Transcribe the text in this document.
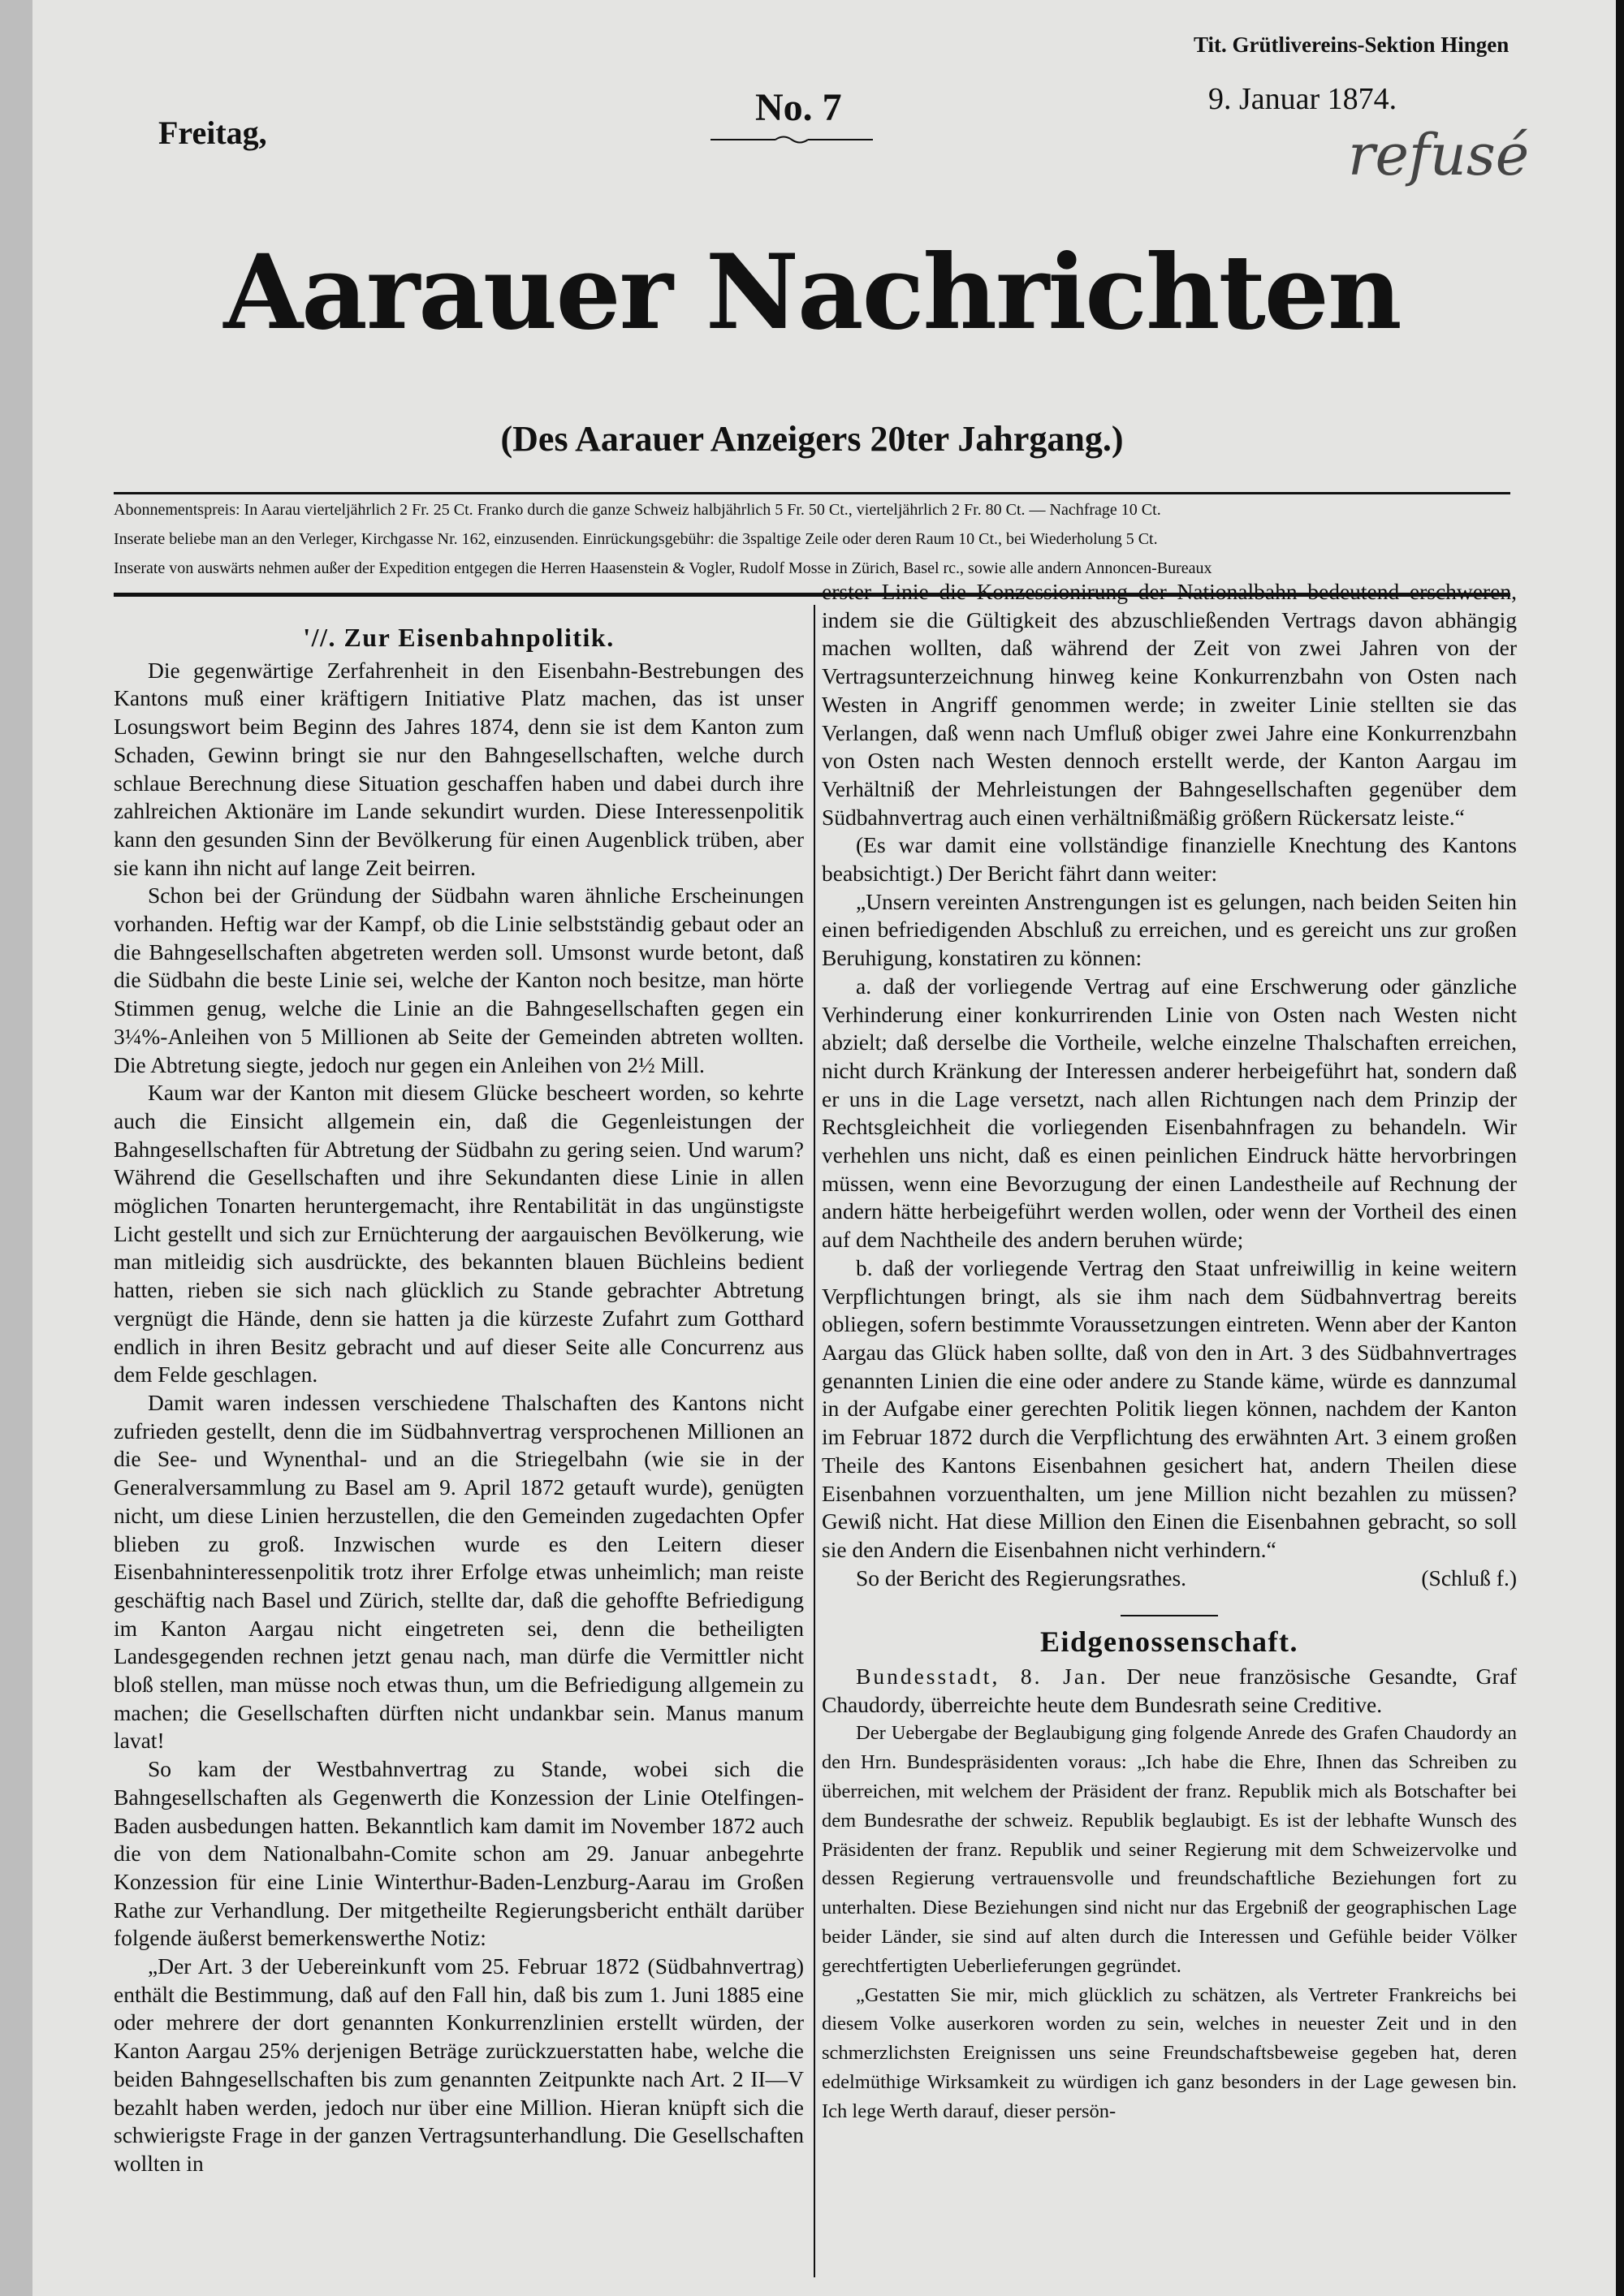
Freitag,
No. 7
Tit. Grütlivereins-Sektion Hingen
9. Januar 1874.
refusé
Aarauer Nachrichten
(Des Aarauer Anzeigers 20ter Jahrgang.)
Abonnementspreis: In Aarau vierteljährlich 2 Fr. 25 Ct. Franko durch die ganze Schweiz halbjährlich 5 Fr. 50 Ct., vierteljährlich 2 Fr. 80 Ct. — Nachfrage 10 Ct.
Inserate beliebe man an den Verleger, Kirchgasse Nr. 162, einzusenden. Einrückungsgebühr: die 3spaltige Zeile oder deren Raum 10 Ct., bei Wiederholung 5 Ct.
Inserate von auswärts nehmen außer der Expedition entgegen die Herren Haasenstein & Vogler, Rudolf Mosse in Zürich, Basel rc., sowie alle andern Annoncen-Bureaux
'//. Zur Eisenbahnpolitik.

Die gegenwärtige Zerfahrenheit in den Eisenbahn-Bestrebungen des Kantons muß einer kräftigern Initiative Platz machen, das ist unser Losungswort beim Beginn des Jahres 1874, denn sie ist dem Kanton zum Schaden, Gewinn bringt sie nur den Bahngesellschaften, welche durch schlaue Berechnung diese Situation geschaffen haben und dabei durch ihre zahlreichen Aktionäre im Lande sekundirt wurden. Diese Interessenpolitik kann den gesunden Sinn der Bevölkerung für einen Augenblick trüben, aber sie kann ihn nicht auf lange Zeit beirren.

Schon bei der Gründung der Südbahn waren ähnliche Erscheinungen vorhanden. Heftig war der Kampf, ob die Linie selbstständig gebaut oder an die Bahngesellschaften abgetreten werden soll. Umsonst wurde betont, daß die Südbahn die beste Linie sei, welche der Kanton noch besitze, man hörte Stimmen genug, welche die Linie an die Bahngesellschaften gegen ein 3¼%-Anleihen von 5 Millionen ab Seite der Gemeinden abtreten wollten. Die Abtretung siegte, jedoch nur gegen ein Anleihen von 2½ Mill.

Kaum war der Kanton mit diesem Glücke bescheert worden, so kehrte auch die Einsicht allgemein ein, daß die Gegenleistungen der Bahngesellschaften für Abtretung der Südbahn zu gering seien. Und warum? Während die Gesellschaften und ihre Sekundanten diese Linie in allen möglichen Tonarten heruntergemacht, ihre Rentabilität in das ungünstigste Licht gestellt und sich zur Ernüchterung der aargauischen Bevölkerung, wie man mitleidig sich ausdrückte, des bekannten blauen Büchleins bedient hatten, rieben sie sich nach glücklich zu Stande gebrachter Abtretung vergnügt die Hände, denn sie hatten ja die kürzeste Zufahrt zum Gotthard endlich in ihren Besitz gebracht und auf dieser Seite alle Concurrenz aus dem Felde geschlagen.

Damit waren indessen verschiedene Thalschaften des Kantons nicht zufrieden gestellt, denn die im Südbahnvertrag versprochenen Millionen an die See- und Wynenthal- und an die Striegelbahn (wie sie in der Generalversammlung zu Basel am 9. April 1872 getauft wurde), genügten nicht, um diese Linien herzustellen, die den Gemeinden zugedachten Opfer blieben zu groß. Inzwischen wurde es den Leitern dieser Eisenbahninteressenpolitik trotz ihrer Erfolge etwas unheimlich; man reiste geschäftig nach Basel und Zürich, stellte dar, daß die gehoffte Befriedigung im Kanton Aargau nicht eingetreten sei, denn die betheiligten Landesgegenden rechnen jetzt genau nach, man dürfe die Vermittler nicht bloß stellen, man müsse noch etwas thun, um die Befriedigung allgemein zu machen; die Gesellschaften dürften nicht undankbar sein. Manus manum lavat!

So kam der Westbahnvertrag zu Stande, wobei sich die Bahngesellschaften als Gegenwerth die Konzession der Linie Otelfingen-Baden ausbedungen hatten. Bekanntlich kam damit im November 1872 auch die von dem Nationalbahn-Comite schon am 29. Januar anbegehrte Konzession für eine Linie Winterthur-Baden-Lenzburg-Aarau im Großen Rathe zur Verhandlung. Der mitgetheilte Regierungsbericht enthält darüber folgende äußerst bemerkenswerthe Notiz:

„Der Art. 3 der Uebereinkunft vom 25. Februar 1872 (Südbahnvertrag) enthält die Bestimmung, daß auf den Fall hin, daß bis zum 1. Juni 1885 eine oder mehrere der dort genannten Konkurrenzlinien erstellt würden, der Kanton Aargau 25% derjenigen Beträge zurückzuerstatten habe, welche die beiden Bahngesellschaften bis zum genannten Zeitpunkte nach Art. 2 II—V bezahlt haben werden, jedoch nur über eine Million. Hieran knüpft sich die schwierigste Frage in der ganzen Vertragsunterhandlung. Die Gesellschaften wollten in

erster Linie die Konzessionirung der Nationalbahn bedeutend erschweren, indem sie die Gültigkeit des abzuschließenden Vertrags davon abhängig machen wollten, daß während der Zeit von zwei Jahren von der Vertragsunterzeichnung hinweg keine Konkurrenzbahn von Osten nach Westen in Angriff genommen werde; in zweiter Linie stellten sie das Verlangen, daß wenn nach Umfluß obiger zwei Jahre eine Konkurrenzbahn von Osten nach Westen dennoch erstellt werde, der Kanton Aargau im Verhältniß der Mehrleistungen der Bahngesellschaften gegenüber dem Südbahnvertrag auch einen verhältnißmäßig größern Rückersatz leiste.“

(Es war damit eine vollständige finanzielle Knechtung des Kantons beabsichtigt.) Der Bericht fährt dann weiter:

„Unsern vereinten Anstrengungen ist es gelungen, nach beiden Seiten hin einen befriedigenden Abschluß zu erreichen, und es gereicht uns zur großen Beruhigung, konstatiren zu können:

a. daß der vorliegende Vertrag auf eine Erschwerung oder gänzliche Verhinderung einer konkurrirenden Linie von Osten nach Westen nicht abzielt; daß derselbe die Vortheile, welche einzelne Thalschaften erreichen, nicht durch Kränkung der Interessen anderer herbeigeführt hat, sondern daß er uns in die Lage versetzt, nach allen Richtungen nach dem Prinzip der Rechtsgleichheit die vorliegenden Eisenbahnfragen zu behandeln. Wir verhehlen uns nicht, daß es einen peinlichen Eindruck hätte hervorbringen müssen, wenn eine Bevorzugung der einen Landestheile auf Rechnung der andern hätte herbeigeführt werden wollen, oder wenn der Vortheil des einen auf dem Nachtheile des andern beruhen würde;

b. daß der vorliegende Vertrag den Staat unfreiwillig in keine weitern Verpflichtungen bringt, als sie ihm nach dem Südbahnvertrag bereits obliegen, sofern bestimmte Voraussetzungen eintreten. Wenn aber der Kanton Aargau das Glück haben sollte, daß von den in Art. 3 des Südbahnvertrages genannten Linien die eine oder andere zu Stande käme, würde es dannzumal in der Aufgabe einer gerechten Politik liegen können, nachdem der Kanton im Februar 1872 durch die Verpflichtung des erwähnten Art. 3 einem großen Theile des Kantons Eisenbahnen gesichert hat, andern Theilen diese Eisenbahnen vorzuenthalten, um jene Million nicht bezahlen zu müssen? Gewiß nicht. Hat diese Million den Einen die Eisenbahnen gebracht, so soll sie den Andern die Eisenbahnen nicht verhindern.“

So der Bericht des Regierungsrathes.	(Schluß f.)

Eidgenossenschaft.

Bundesstadt, 8. Jan. Der neue französische Gesandte, Graf Chaudordy, überreichte heute dem Bundesrath seine Creditive.

Der Uebergabe der Beglaubigung ging folgende Anrede des Grafen Chaudordy an den Hrn. Bundespräsidenten voraus: „Ich habe die Ehre, Ihnen das Schreiben zu überreichen, mit welchem der Präsident der franz. Republik mich als Botschafter bei dem Bundesrathe der schweiz. Republik beglaubigt. Es ist der lebhafte Wunsch des Präsidenten der franz. Republik und seiner Regierung mit dem Schweizervolke und dessen Regierung vertrauensvolle und freundschaftliche Beziehungen fort zu unterhalten. Diese Beziehungen sind nicht nur das Ergebniß der geographischen Lage beider Länder, sie sind auf alten durch die Interessen und Gefühle beider Völker gerechtfertigten Ueberlieferungen gegründet.

„Gestatten Sie mir, mich glücklich zu schätzen, als Vertreter Frankreichs bei diesem Volke auserkoren worden zu sein, welches in neuester Zeit und in den schmerzlichsten Ereignissen uns seine Freundschaftsbeweise gegeben hat, deren edelmüthige Wirksamkeit zu würdigen ich ganz besonders in der Lage gewesen bin. Ich lege Werth darauf, dieser persön-
